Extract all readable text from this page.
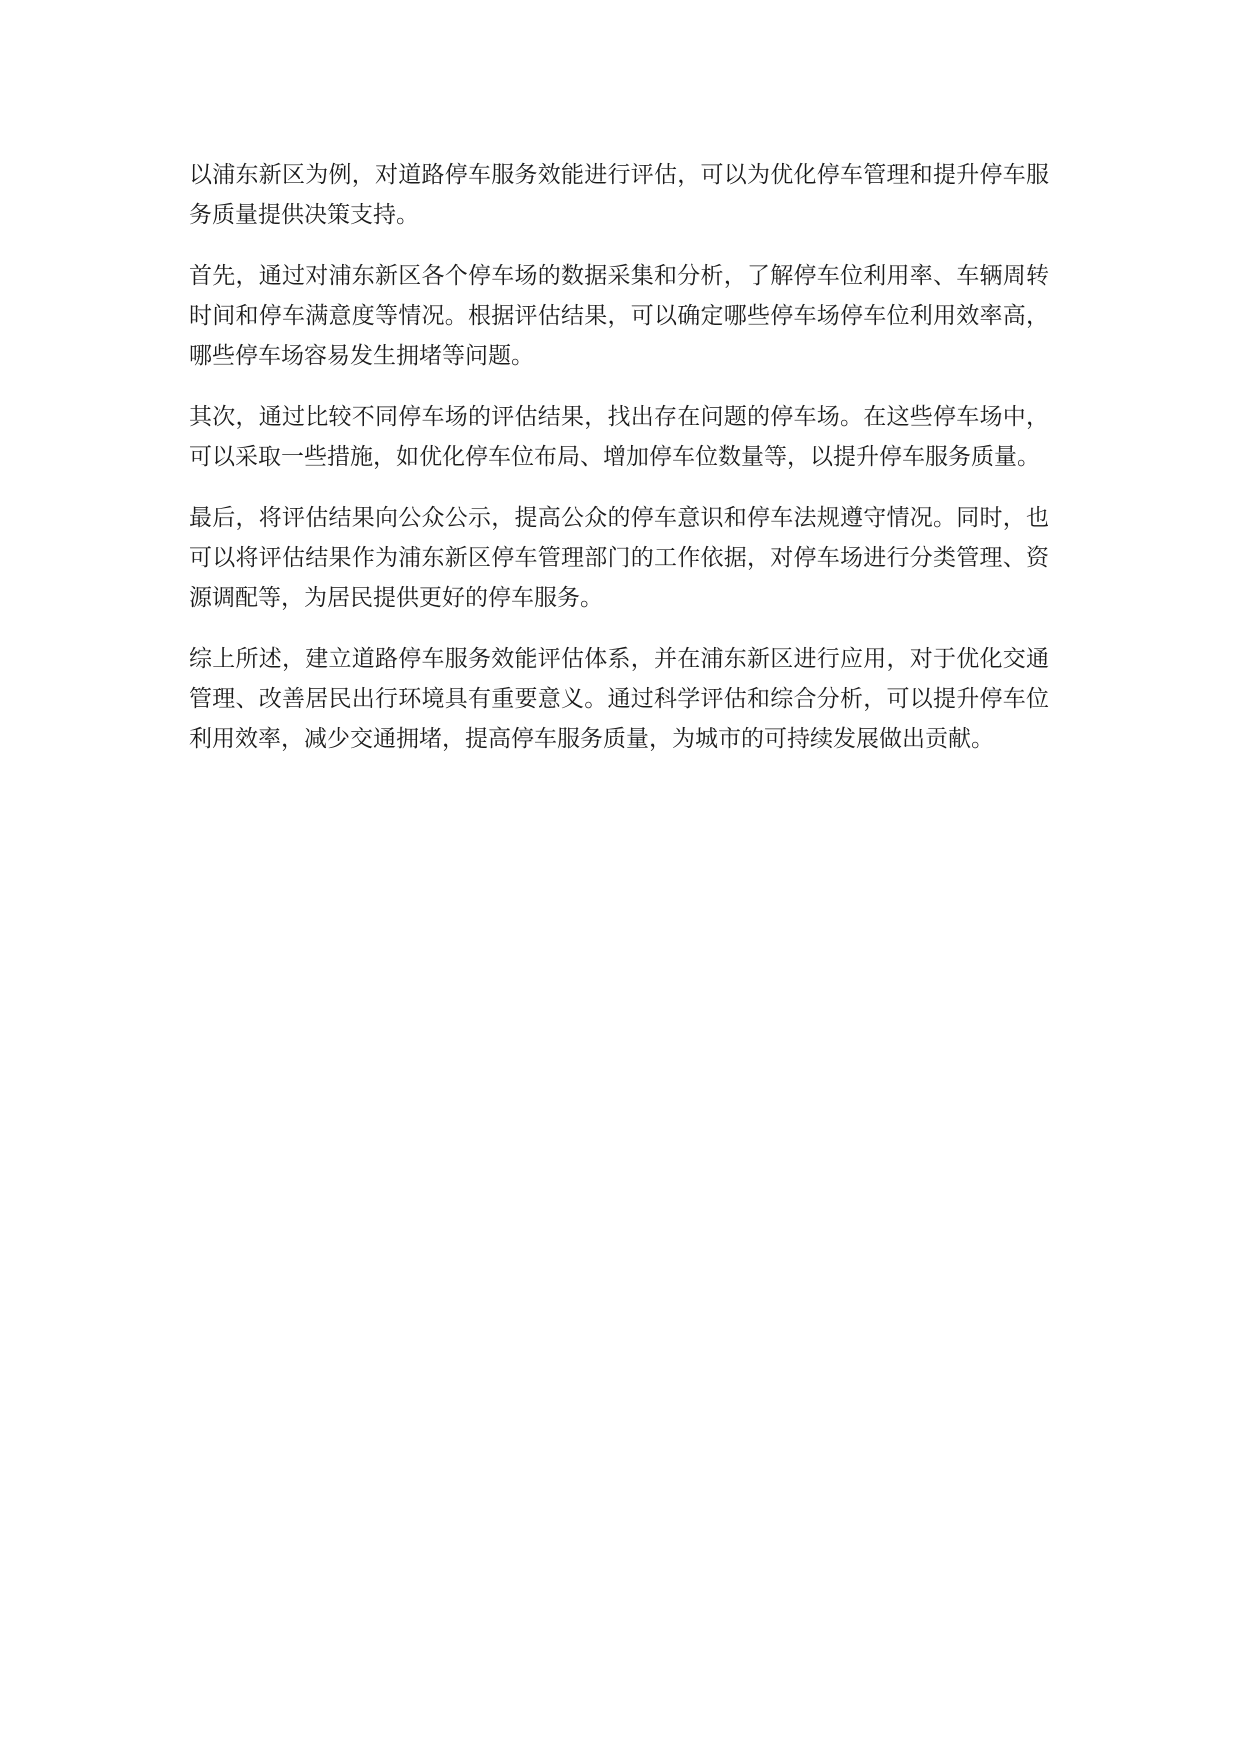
以浦东新区为例，对道路停车服务效能进行评估，可以为优化停车管理和提升停车服务质量提供决策支持。

首先，通过对浦东新区各个停车场的数据采集和分析，了解停车位利用率、车辆周转时间和停车满意度等情况。根据评估结果，可以确定哪些停车场停车位利用效率高，哪些停车场容易发生拥堵等问题。

其次，通过比较不同停车场的评估结果，找出存在问题的停车场。在这些停车场中，可以采取一些措施，如优化停车位布局、增加停车位数量等，以提升停车服务质量。

最后，将评估结果向公众公示，提高公众的停车意识和停车法规遵守情况。同时，也可以将评估结果作为浦东新区停车管理部门的工作依据，对停车场进行分类管理、资源调配等，为居民提供更好的停车服务。

综上所述，建立道路停车服务效能评估体系，并在浦东新区进行应用，对于优化交通管理、改善居民出行环境具有重要意义。通过科学评估和综合分析，可以提升停车位利用效率，减少交通拥堵，提高停车服务质量，为城市的可持续发展做出贡献。
